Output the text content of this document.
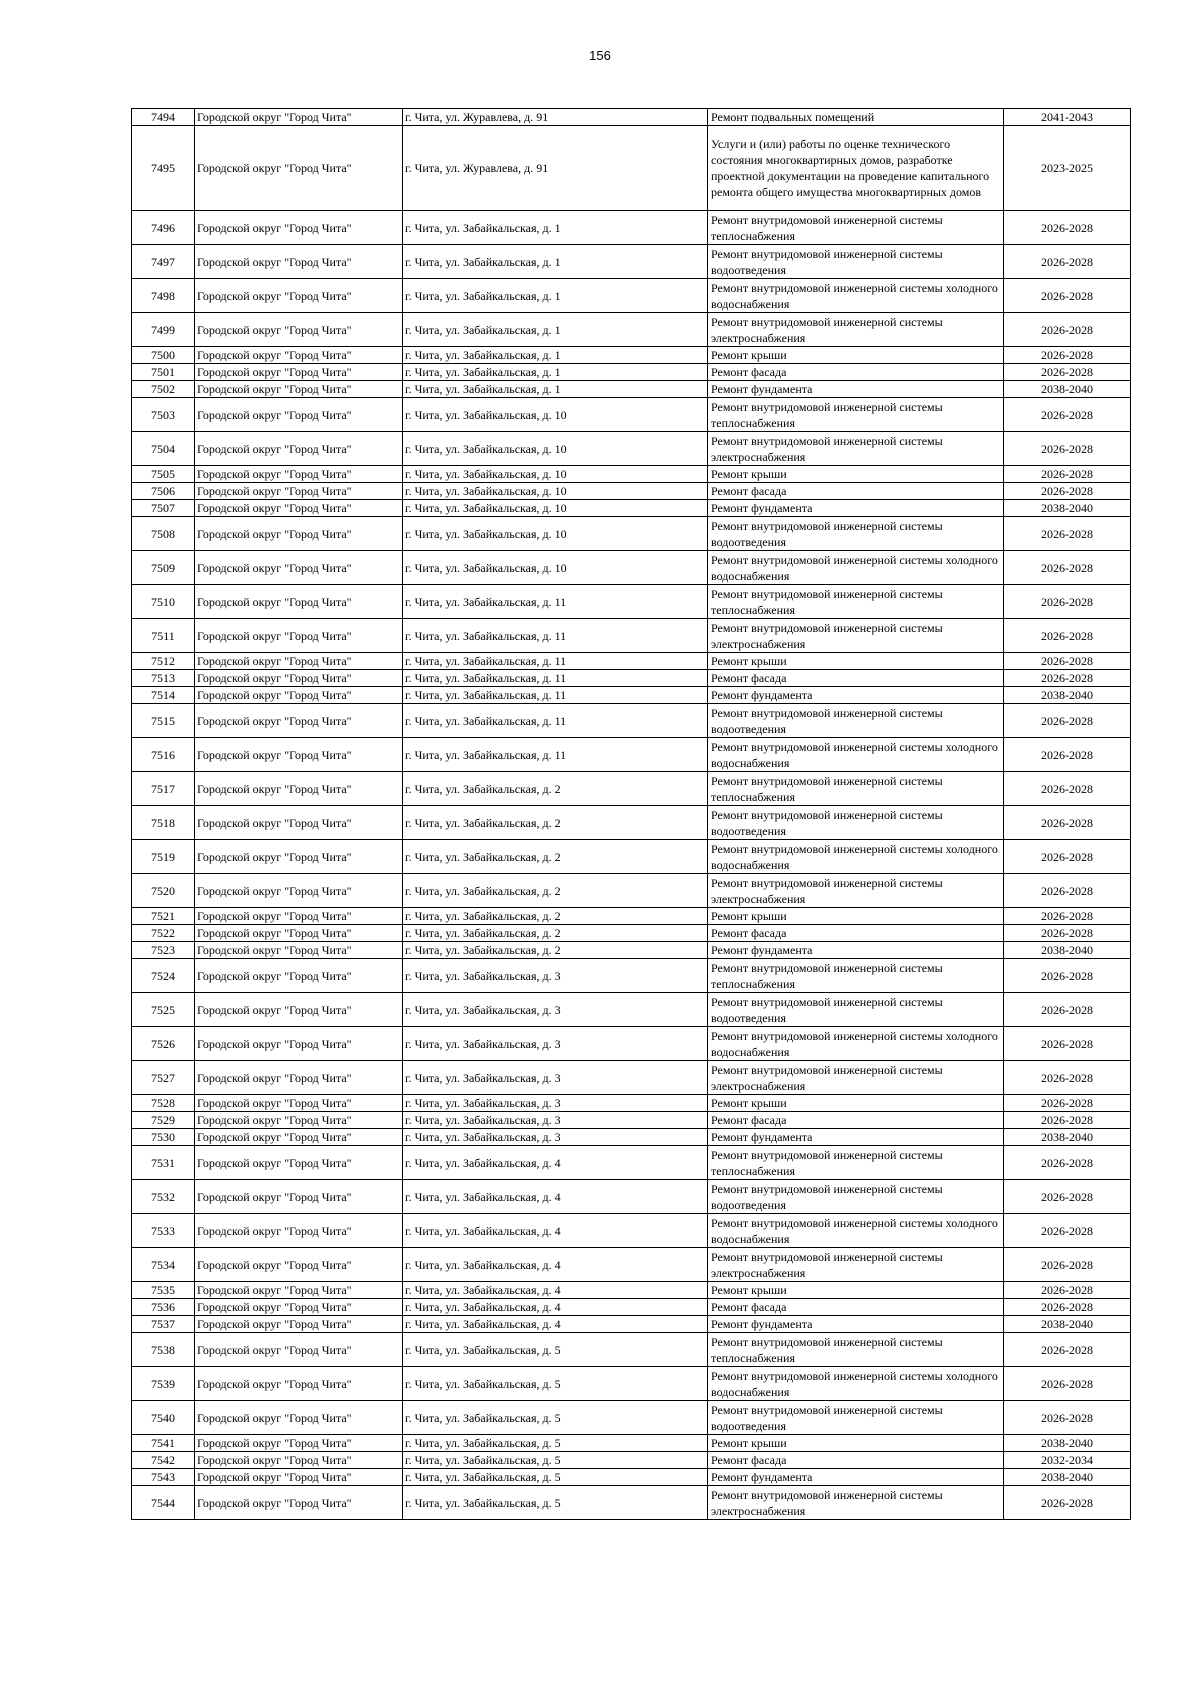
156
7494	Городской округ "Город Чита"	г. Чита, ул. Журавлева, д. 91	Ремонт подвальных помещений	2041-2043
7495	Городской округ "Город Чита"	г. Чита, ул. Журавлева, д. 91	Услуги и (или) работы по оценке технического состояния многоквартирных домов, разработке проектной документации на проведение капитального ремонта общего имущества многоквартирных домов	2023-2025
7496	Городской округ "Город Чита"	г. Чита, ул. Забайкальская, д. 1	Ремонт внутридомовой инженерной системы теплоснабжения	2026-2028
7497	Городской округ "Город Чита"	г. Чита, ул. Забайкальская, д. 1	Ремонт внутридомовой инженерной системы водоотведения	2026-2028
7498	Городской округ "Город Чита"	г. Чита, ул. Забайкальская, д. 1	Ремонт внутридомовой инженерной системы холодного водоснабжения	2026-2028
7499	Городской округ "Город Чита"	г. Чита, ул. Забайкальская, д. 1	Ремонт внутридомовой инженерной системы электроснабжения	2026-2028
7500	Городской округ "Город Чита"	г. Чита, ул. Забайкальская, д. 1	Ремонт крыши	2026-2028
7501	Городской округ "Город Чита"	г. Чита, ул. Забайкальская, д. 1	Ремонт фасада	2026-2028
7502	Городской округ "Город Чита"	г. Чита, ул. Забайкальская, д. 1	Ремонт фундамента	2038-2040
7503	Городской округ "Город Чита"	г. Чита, ул. Забайкальская, д. 10	Ремонт внутридомовой инженерной системы теплоснабжения	2026-2028
7504	Городской округ "Город Чита"	г. Чита, ул. Забайкальская, д. 10	Ремонт внутридомовой инженерной системы электроснабжения	2026-2028
7505	Городской округ "Город Чита"	г. Чита, ул. Забайкальская, д. 10	Ремонт крыши	2026-2028
7506	Городской округ "Город Чита"	г. Чита, ул. Забайкальская, д. 10	Ремонт фасада	2026-2028
7507	Городской округ "Город Чита"	г. Чита, ул. Забайкальская, д. 10	Ремонт фундамента	2038-2040
7508	Городской округ "Город Чита"	г. Чита, ул. Забайкальская, д. 10	Ремонт внутридомовой инженерной системы водоотведения	2026-2028
7509	Городской округ "Город Чита"	г. Чита, ул. Забайкальская, д. 10	Ремонт внутридомовой инженерной системы холодного водоснабжения	2026-2028
7510	Городской округ "Город Чита"	г. Чита, ул. Забайкальская, д. 11	Ремонт внутридомовой инженерной системы теплоснабжения	2026-2028
7511	Городской округ "Город Чита"	г. Чита, ул. Забайкальская, д. 11	Ремонт внутридомовой инженерной системы электроснабжения	2026-2028
7512	Городской округ "Город Чита"	г. Чита, ул. Забайкальская, д. 11	Ремонт крыши	2026-2028
7513	Городской округ "Город Чита"	г. Чита, ул. Забайкальская, д. 11	Ремонт фасада	2026-2028
7514	Городской округ "Город Чита"	г. Чита, ул. Забайкальская, д. 11	Ремонт фундамента	2038-2040
7515	Городской округ "Город Чита"	г. Чита, ул. Забайкальская, д. 11	Ремонт внутридомовой инженерной системы водоотведения	2026-2028
7516	Городской округ "Город Чита"	г. Чита, ул. Забайкальская, д. 11	Ремонт внутридомовой инженерной системы холодного водоснабжения	2026-2028
7517	Городской округ "Город Чита"	г. Чита, ул. Забайкальская, д. 2	Ремонт внутридомовой инженерной системы теплоснабжения	2026-2028
7518	Городской округ "Город Чита"	г. Чита, ул. Забайкальская, д. 2	Ремонт внутридомовой инженерной системы водоотведения	2026-2028
7519	Городской округ "Город Чита"	г. Чита, ул. Забайкальская, д. 2	Ремонт внутридомовой инженерной системы холодного водоснабжения	2026-2028
7520	Городской округ "Город Чита"	г. Чита, ул. Забайкальская, д. 2	Ремонт внутридомовой инженерной системы электроснабжения	2026-2028
7521	Городской округ "Город Чита"	г. Чита, ул. Забайкальская, д. 2	Ремонт крыши	2026-2028
7522	Городской округ "Город Чита"	г. Чита, ул. Забайкальская, д. 2	Ремонт фасада	2026-2028
7523	Городской округ "Город Чита"	г. Чита, ул. Забайкальская, д. 2	Ремонт фундамента	2038-2040
7524	Городской округ "Город Чита"	г. Чита, ул. Забайкальская, д. 3	Ремонт внутридомовой инженерной системы теплоснабжения	2026-2028
7525	Городской округ "Город Чита"	г. Чита, ул. Забайкальская, д. 3	Ремонт внутридомовой инженерной системы водоотведения	2026-2028
7526	Городской округ "Город Чита"	г. Чита, ул. Забайкальская, д. 3	Ремонт внутридомовой инженерной системы холодного водоснабжения	2026-2028
7527	Городской округ "Город Чита"	г. Чита, ул. Забайкальская, д. 3	Ремонт внутридомовой инженерной системы электроснабжения	2026-2028
7528	Городской округ "Город Чита"	г. Чита, ул. Забайкальская, д. 3	Ремонт крыши	2026-2028
7529	Городской округ "Город Чита"	г. Чита, ул. Забайкальская, д. 3	Ремонт фасада	2026-2028
7530	Городской округ "Город Чита"	г. Чита, ул. Забайкальская, д. 3	Ремонт фундамента	2038-2040
7531	Городской округ "Город Чита"	г. Чита, ул. Забайкальская, д. 4	Ремонт внутридомовой инженерной системы теплоснабжения	2026-2028
7532	Городской округ "Город Чита"	г. Чита, ул. Забайкальская, д. 4	Ремонт внутридомовой инженерной системы водоотведения	2026-2028
7533	Городской округ "Город Чита"	г. Чита, ул. Забайкальская, д. 4	Ремонт внутридомовой инженерной системы холодного водоснабжения	2026-2028
7534	Городской округ "Город Чита"	г. Чита, ул. Забайкальская, д. 4	Ремонт внутридомовой инженерной системы электроснабжения	2026-2028
7535	Городской округ "Город Чита"	г. Чита, ул. Забайкальская, д. 4	Ремонт крыши	2026-2028
7536	Городской округ "Город Чита"	г. Чита, ул. Забайкальская, д. 4	Ремонт фасада	2026-2028
7537	Городской округ "Город Чита"	г. Чита, ул. Забайкальская, д. 4	Ремонт фундамента	2038-2040
7538	Городской округ "Город Чита"	г. Чита, ул. Забайкальская, д. 5	Ремонт внутридомовой инженерной системы теплоснабжения	2026-2028
7539	Городской округ "Город Чита"	г. Чита, ул. Забайкальская, д. 5	Ремонт внутридомовой инженерной системы холодного водоснабжения	2026-2028
7540	Городской округ "Город Чита"	г. Чита, ул. Забайкальская, д. 5	Ремонт внутридомовой инженерной системы водоотведения	2026-2028
7541	Городской округ "Город Чита"	г. Чита, ул. Забайкальская, д. 5	Ремонт крыши	2038-2040
7542	Городской округ "Город Чита"	г. Чита, ул. Забайкальская, д. 5	Ремонт фасада	2032-2034
7543	Городской округ "Город Чита"	г. Чита, ул. Забайкальская, д. 5	Ремонт фундамента	2038-2040
7544	Городской округ "Город Чита"	г. Чита, ул. Забайкальская, д. 5	Ремонт внутридомовой инженерной системы электроснабжения	2026-2028
